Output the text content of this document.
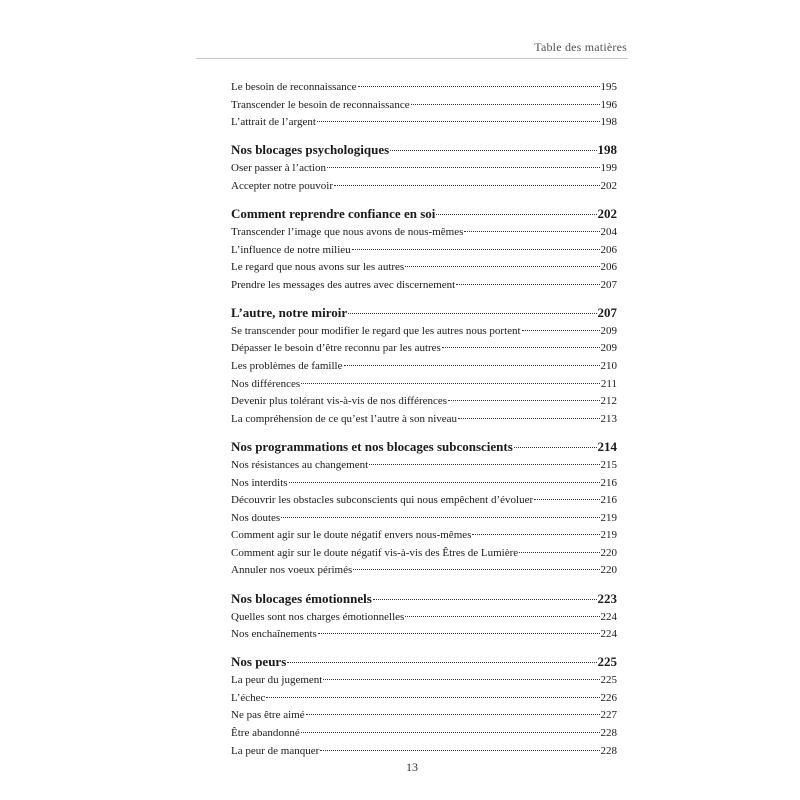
Table des matières
Le besoin de reconnaissance	195
Transcender le besoin de reconnaissance	196
L’attrait de l’argent	198
Nos blocages psychologiques	198
Oser passer à l’action	199
Accepter notre pouvoir	202
Comment reprendre confiance en soi	202
Transcender l’image que nous avons de nous-mêmes	204
L’influence de notre milieu	206
Le regard que nous avons sur les autres	206
Prendre les messages des autres avec discernement	207
L’autre, notre miroir	207
Se transcender pour modifier le regard que les autres nous portent	209
Dépasser le besoin d’être reconnu par les autres	209
Les problèmes de famille	210
Nos différences	211
Devenir plus tolérant vis-à-vis de nos différences	212
La compréhension de ce qu’est l’autre à son niveau	213
Nos programmations et nos blocages subconscients	214
Nos résistances au changement	215
Nos interdits	216
Découvrir les obstacles subconscients qui nous empêchent d’évoluer	216
Nos doutes	219
Comment agir sur le doute négatif envers nous-mêmes	219
Comment agir sur le doute négatif vis-à-vis des Êtres de Lumière	220
Annuler nos voeux périmés	220
Nos blocages émotionnels	223
Quelles sont nos charges émotionnelles	224
Nos enchaînements	224
Nos peurs	225
La peur du jugement	225
L’échec	226
Ne pas être aimé	227
Être abandonné	228
La peur de manquer	228
13
